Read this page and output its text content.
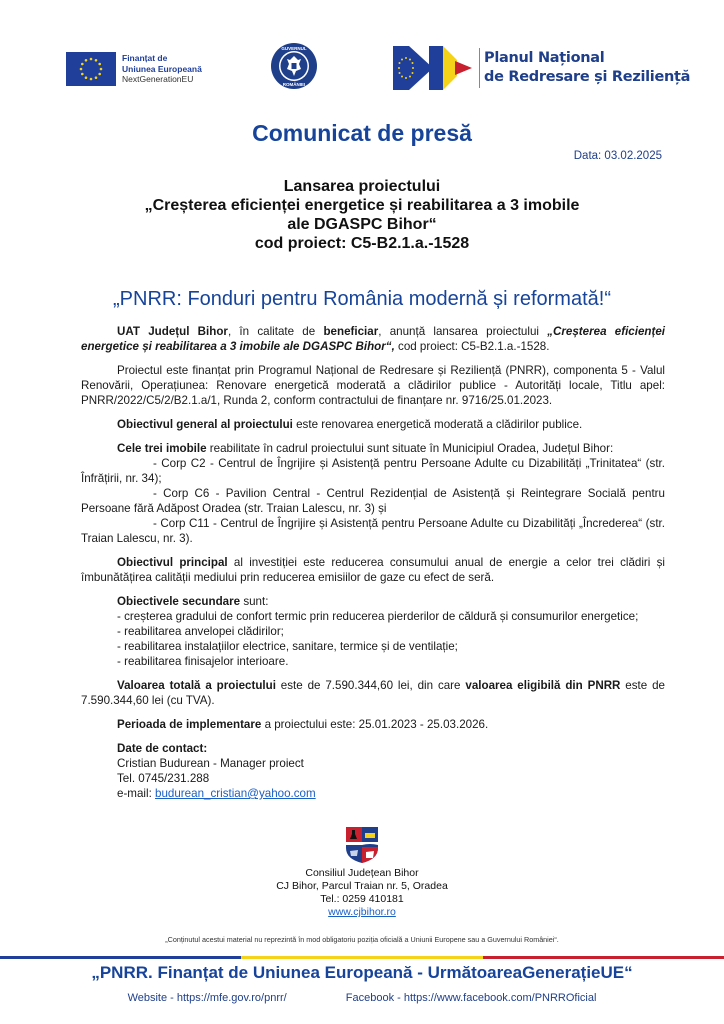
Finanțat de
Uniunea Europeană
NextGenerationEU
GUVERNUL
ROMÂNIEI
Planul Național
de Redresare și Reziliență
Comunicat de presă
Data: 03.02.2025
Lansarea proiectului
„Creșterea eficienței energetice și reabilitarea a 3 imobile
ale DGASPC Bihor“
cod proiect: C5-B2.1.a.-1528
„PNRR: Fonduri pentru România modernă și reformată!“

UAT Județul Bihor, în calitate de beneficiar, anunță lansarea proiectului „Creșterea eficienței energetice și reabilitarea a 3 imobile ale DGASPC Bihor“, cod proiect: C5-B2.1.a.-1528.

Proiectul este finanțat prin Programul Național de Redresare și Reziliență (PNRR), componenta 5 - Valul Renovării, Operațiunea: Renovare energetică moderată a clădirilor publice - Autorități locale, Titlu apel: PNRR/2022/C5/2/B2.1.a/1, Runda 2, conform contractului de finanțare nr. 9716/25.01.2023.

Obiectivul general al proiectului este renovarea energetică moderată a clădirilor publice.

Cele trei imobile reabilitate în cadrul proiectului sunt situate în Municipiul Oradea, Județul Bihor:

- Corp C2 - Centrul de Îngrijire și Asistență pentru Persoane Adulte cu Dizabilități „Trinitatea“ (str. Înfrățirii, nr. 34);
- Corp C6 - Pavilion Central - Centrul Rezidențial de Asistență și Reintegrare Socială pentru Persoane fără Adăpost Oradea (str. Traian Lalescu, nr. 3) și
- Corp C11 - Centrul de Îngrijire și Asistență pentru Persoane Adulte cu Dizabilități „Încrederea“ (str. Traian Lalescu, nr. 3).

Obiectivul principal al investiției este reducerea consumului anual de energie a celor trei clădiri și îmbunătățirea calității mediului prin reducerea emisiilor de gaze cu efect de seră.

Obiectivele secundare sunt:
- creșterea gradului de confort termic prin reducerea pierderilor de căldură și consumurilor energetice;
- reabilitarea anvelopei clădirilor;
- reabilitarea instalațiilor electrice, sanitare, termice și de ventilație;
- reabilitarea finisajelor interioare.

Valoarea totală a proiectului este de 7.590.344,60 lei, din care valoarea eligibilă din PNRR este de 7.590.344,60 lei (cu TVA).

Perioada de implementare a proiectului este: 25.01.2023 - 25.03.2026.

Date de contact:
Cristian Budurean - Manager proiect
Tel. 0745/231.288
e-mail: budurean_cristian@yahoo.com
Consiliul Județean Bihor
CJ Bihor, Parcul Traian nr. 5, Oradea
Tel.: 0259 410181
www.cjbihor.ro
„Conținutul acestui material nu reprezintă în mod obligatoriu poziția oficială a Uniunii Europene sau a Guvernului României“.
„PNRR. Finanțat de Uniunea Europeană - UrmătoareaGenerațieUE“
Website - https://mfe.gov.ro/pnrr/	Facebook - https://www.facebook.com/PNRROficial
